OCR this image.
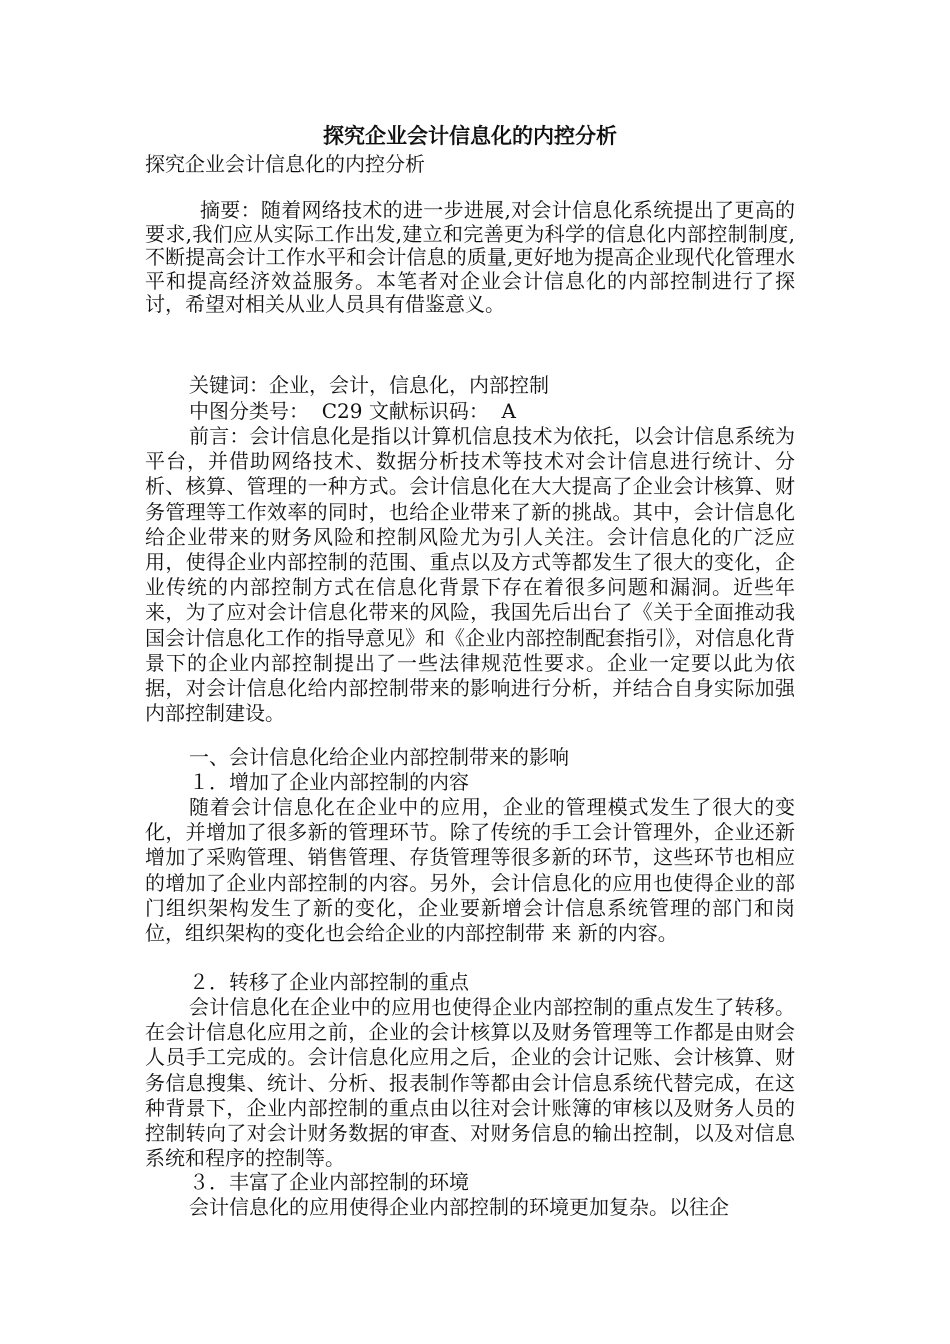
探究企业会计信息化的内控分析
探究企业会计信息化的内控分析

摘要：随着网络技术的进一步进展,对会计信息化系统提出了更高的要求,我们应从实际工作出发,建立和完善更为科学的信息化内部控制制度,不断提高会计工作水平和会计信息的质量,更好地为提高企业现代化管理水平和提高经济效益服务。本笔者对企业会计信息化的内部控制进行了探讨，希望对相关从业人员具有借鉴意义。

关键词：企业，会计，信息化，内部控制
中图分类号：  C29 文献标识码：  A

前言：会计信息化是指以计算机信息技术为依托，以会计信息系统为平台，并借助网络技术、数据分析技术等技术对会计信息进行统计、分析、核算、管理的一种方式。会计信息化在大大提高了企业会计核算、财务管理等工作效率的同时，也给企业带来了新的挑战。其中，会计信息化给企业带来的财务风险和控制风险尤为引人关注。会计信息化的广泛应用，使得企业内部控制的范围、重点以及方式等都发生了很大的变化，企业传统的内部控制方式在信息化背景下存在着很多问题和漏洞。近些年来，为了应对会计信息化带来的风险，我国先后出台了《关于全面推动我国会计信息化工作的指导意见》和《企业内部控制配套指引》，对信息化背景下的企业内部控制提出了一些法律规范性要求。企业一定要以此为依据，对会计信息化给内部控制带来的影响进行分析，并结合自身实际加强内部控制建设。

一、会计信息化给企业内部控制带来的影响
１．增加了企业内部控制的内容

随着会计信息化在企业中的应用，企业的管理模式发生了很大的变化，并增加了很多新的管理环节。除了传统的手工会计管理外，企业还新增加了采购管理、销售管理、存货管理等很多新的环节，这些环节也相应的增加了企业内部控制的内容。另外，会计信息化的应用也使得企业的部门组织架构发生了新的变化，企业要新增会计信息系统管理的部门和岗位，组织架构的变化也会给企业的内部控制带 来 新的内容。

２．转移了企业内部控制的重点

会计信息化在企业中的应用也使得企业内部控制的重点发生了转移。在会计信息化应用之前，企业的会计核算以及财务管理等工作都是由财会人员手工完成的。会计信息化应用之后，企业的会计记账、会计核算、财务信息搜集、统计、分析、报表制作等都由会计信息系统代替完成，在这种背景下，企业内部控制的重点由以往对会计账簿的审核以及财务人员的控制转向了对会计财务数据的审查、对财务信息的输出控制，以及对信息系统和程序的控制等。

３．丰富了企业内部控制的环境

会计信息化的应用使得企业内部控制的环境更加复杂。以往企
